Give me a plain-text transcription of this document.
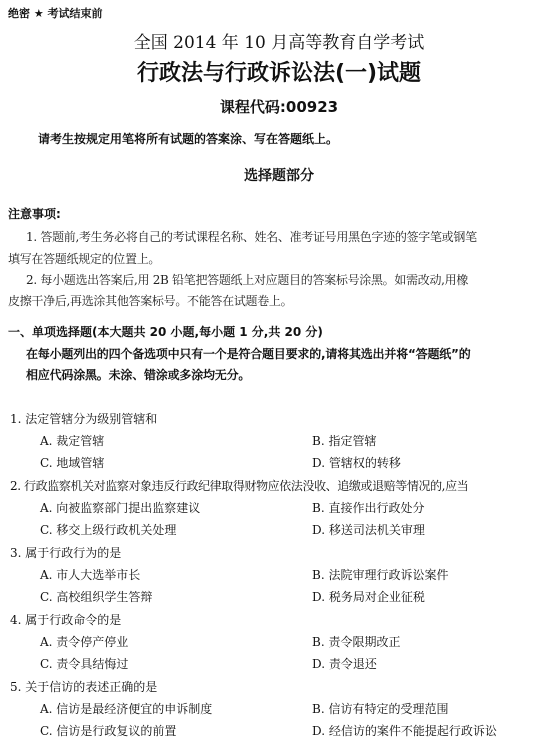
绝密 ★ 考试结束前
全国 2014 年 10 月高等教育自学考试
行政法与行政诉讼法(一)试题
课程代码:00923
请考生按规定用笔将所有试题的答案涂、写在答题纸上。
选择题部分
注意事项:
1. 答题前,考生务必将自己的考试课程名称、姓名、准考证号用黑色字迹的签字笔或钢笔
填写在答题纸规定的位置上。
2. 每小题选出答案后,用 2B 铅笔把答题纸上对应题目的答案标号涂黑。如需改动,用橡
皮擦干净后,再选涂其他答案标号。不能答在试题卷上。
一、单项选择题(本大题共 20 小题,每小题 1 分,共 20 分)
在每小题列出的四个备选项中只有一个是符合题目要求的,请将其选出并将“答题纸”的
相应代码涂黑。未涂、错涂或多涂均无分。
1. 法定管辖分为级别管辖和
A. 裁定管辖	B. 指定管辖
C. 地域管辖	D. 管辖权的转移
2. 行政监察机关对监察对象违反行政纪律取得财物应依法没收、追缴或退赔等情况的,应当
A. 向被监察部门提出监察建议	B. 直接作出行政处分
C. 移交上级行政机关处理	D. 移送司法机关审理
3. 属于行政行为的是
A. 市人大选举市长	B. 法院审理行政诉讼案件
C. 高校组织学生答辩	D. 税务局对企业征税
4. 属于行政命令的是
A. 责令停产停业	B. 责令限期改正
C. 责令具结悔过	D. 责令退还
5. 关于信访的表述正确的是
A. 信访是最经济便宜的申诉制度	B. 信访有特定的受理范围
C. 信访是行政复议的前置	D. 经信访的案件不能提起行政诉讼
